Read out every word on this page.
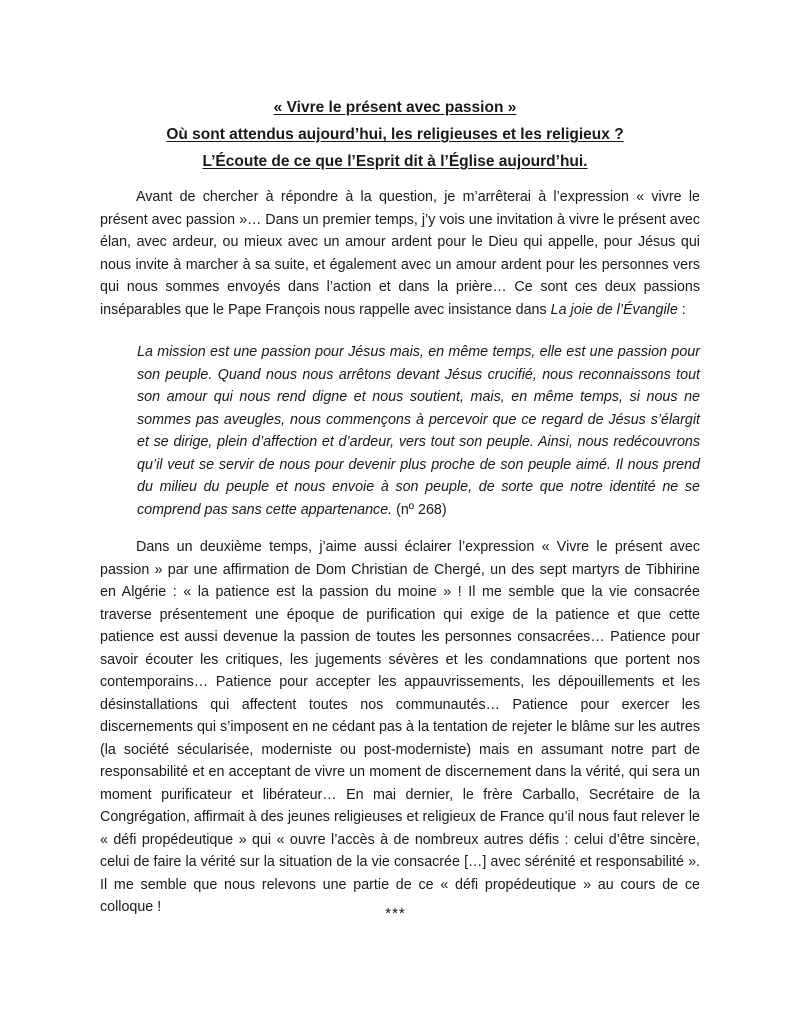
« Vivre le présent avec passion »
Où sont attendus aujourd’hui, les religieuses et les religieux ?
L’Écoute de ce que l’Esprit dit à l’Église aujourd’hui.
Avant de chercher à répondre à la question, je m’arrêterai à l’expression « vivre le présent avec passion »… Dans un premier temps, j’y vois une invitation à vivre le présent avec élan, avec ardeur, ou mieux avec un amour ardent pour le Dieu qui appelle, pour Jésus qui nous invite à marcher à sa suite, et également avec un amour ardent pour les personnes vers qui nous sommes envoyés dans l’action et dans la prière… Ce sont ces deux passions inséparables que le Pape François nous rappelle avec insistance dans La joie de l’Évangile :
La mission est une passion pour Jésus mais, en même temps, elle est une passion pour son peuple. Quand nous nous arrêtons devant Jésus crucifié, nous reconnaissons tout son amour qui nous rend digne et nous soutient, mais, en même temps, si nous ne sommes pas aveugles, nous commençons à percevoir que ce regard de Jésus s’élargit et se dirige, plein d’affection et d’ardeur, vers tout son peuple. Ainsi, nous redécouvrons qu’il veut se servir de nous pour devenir plus proche de son peuple aimé. Il nous prend du milieu du peuple et nous envoie à son peuple, de sorte que notre identité ne se comprend pas sans cette appartenance. (nº 268)
Dans un deuxième temps, j’aime aussi éclairer l’expression « Vivre le présent avec passion » par une affirmation de Dom Christian de Chergé, un des sept martyrs de Tibhirine en Algérie : « la patience est la passion du moine » ! Il me semble que la vie consacrée traverse présentement une époque de purification qui exige de la patience et que cette patience est aussi devenue la passion de toutes les personnes consacrées… Patience pour savoir écouter les critiques, les jugements sévères et les condamnations que portent nos contemporains… Patience pour accepter les appauvrissements, les dépouillements et les désinstallations qui affectent toutes nos communautés… Patience pour exercer les discernements qui s’imposent en ne cédant pas à la tentation de rejeter le blâme sur les autres (la société sécularisée, moderniste ou post-moderniste) mais en assumant notre part de responsabilité et en acceptant de vivre un moment de discernement dans la vérité, qui sera un moment purificateur et libérateur… En mai dernier, le frère Carballo, Secrétaire de la Congrégation, affirmait à des jeunes religieuses et religieux de France qu’il nous faut relever le « défi propédeutique » qui « ouvre l’accès à de nombreux autres défis : celui d’être sincère, celui de faire la vérité sur la situation de la vie consacrée […] avec sérénité et responsabilité ». Il me semble que nous relevons une partie de ce « défi propédeutique » au cours de ce colloque !	***
